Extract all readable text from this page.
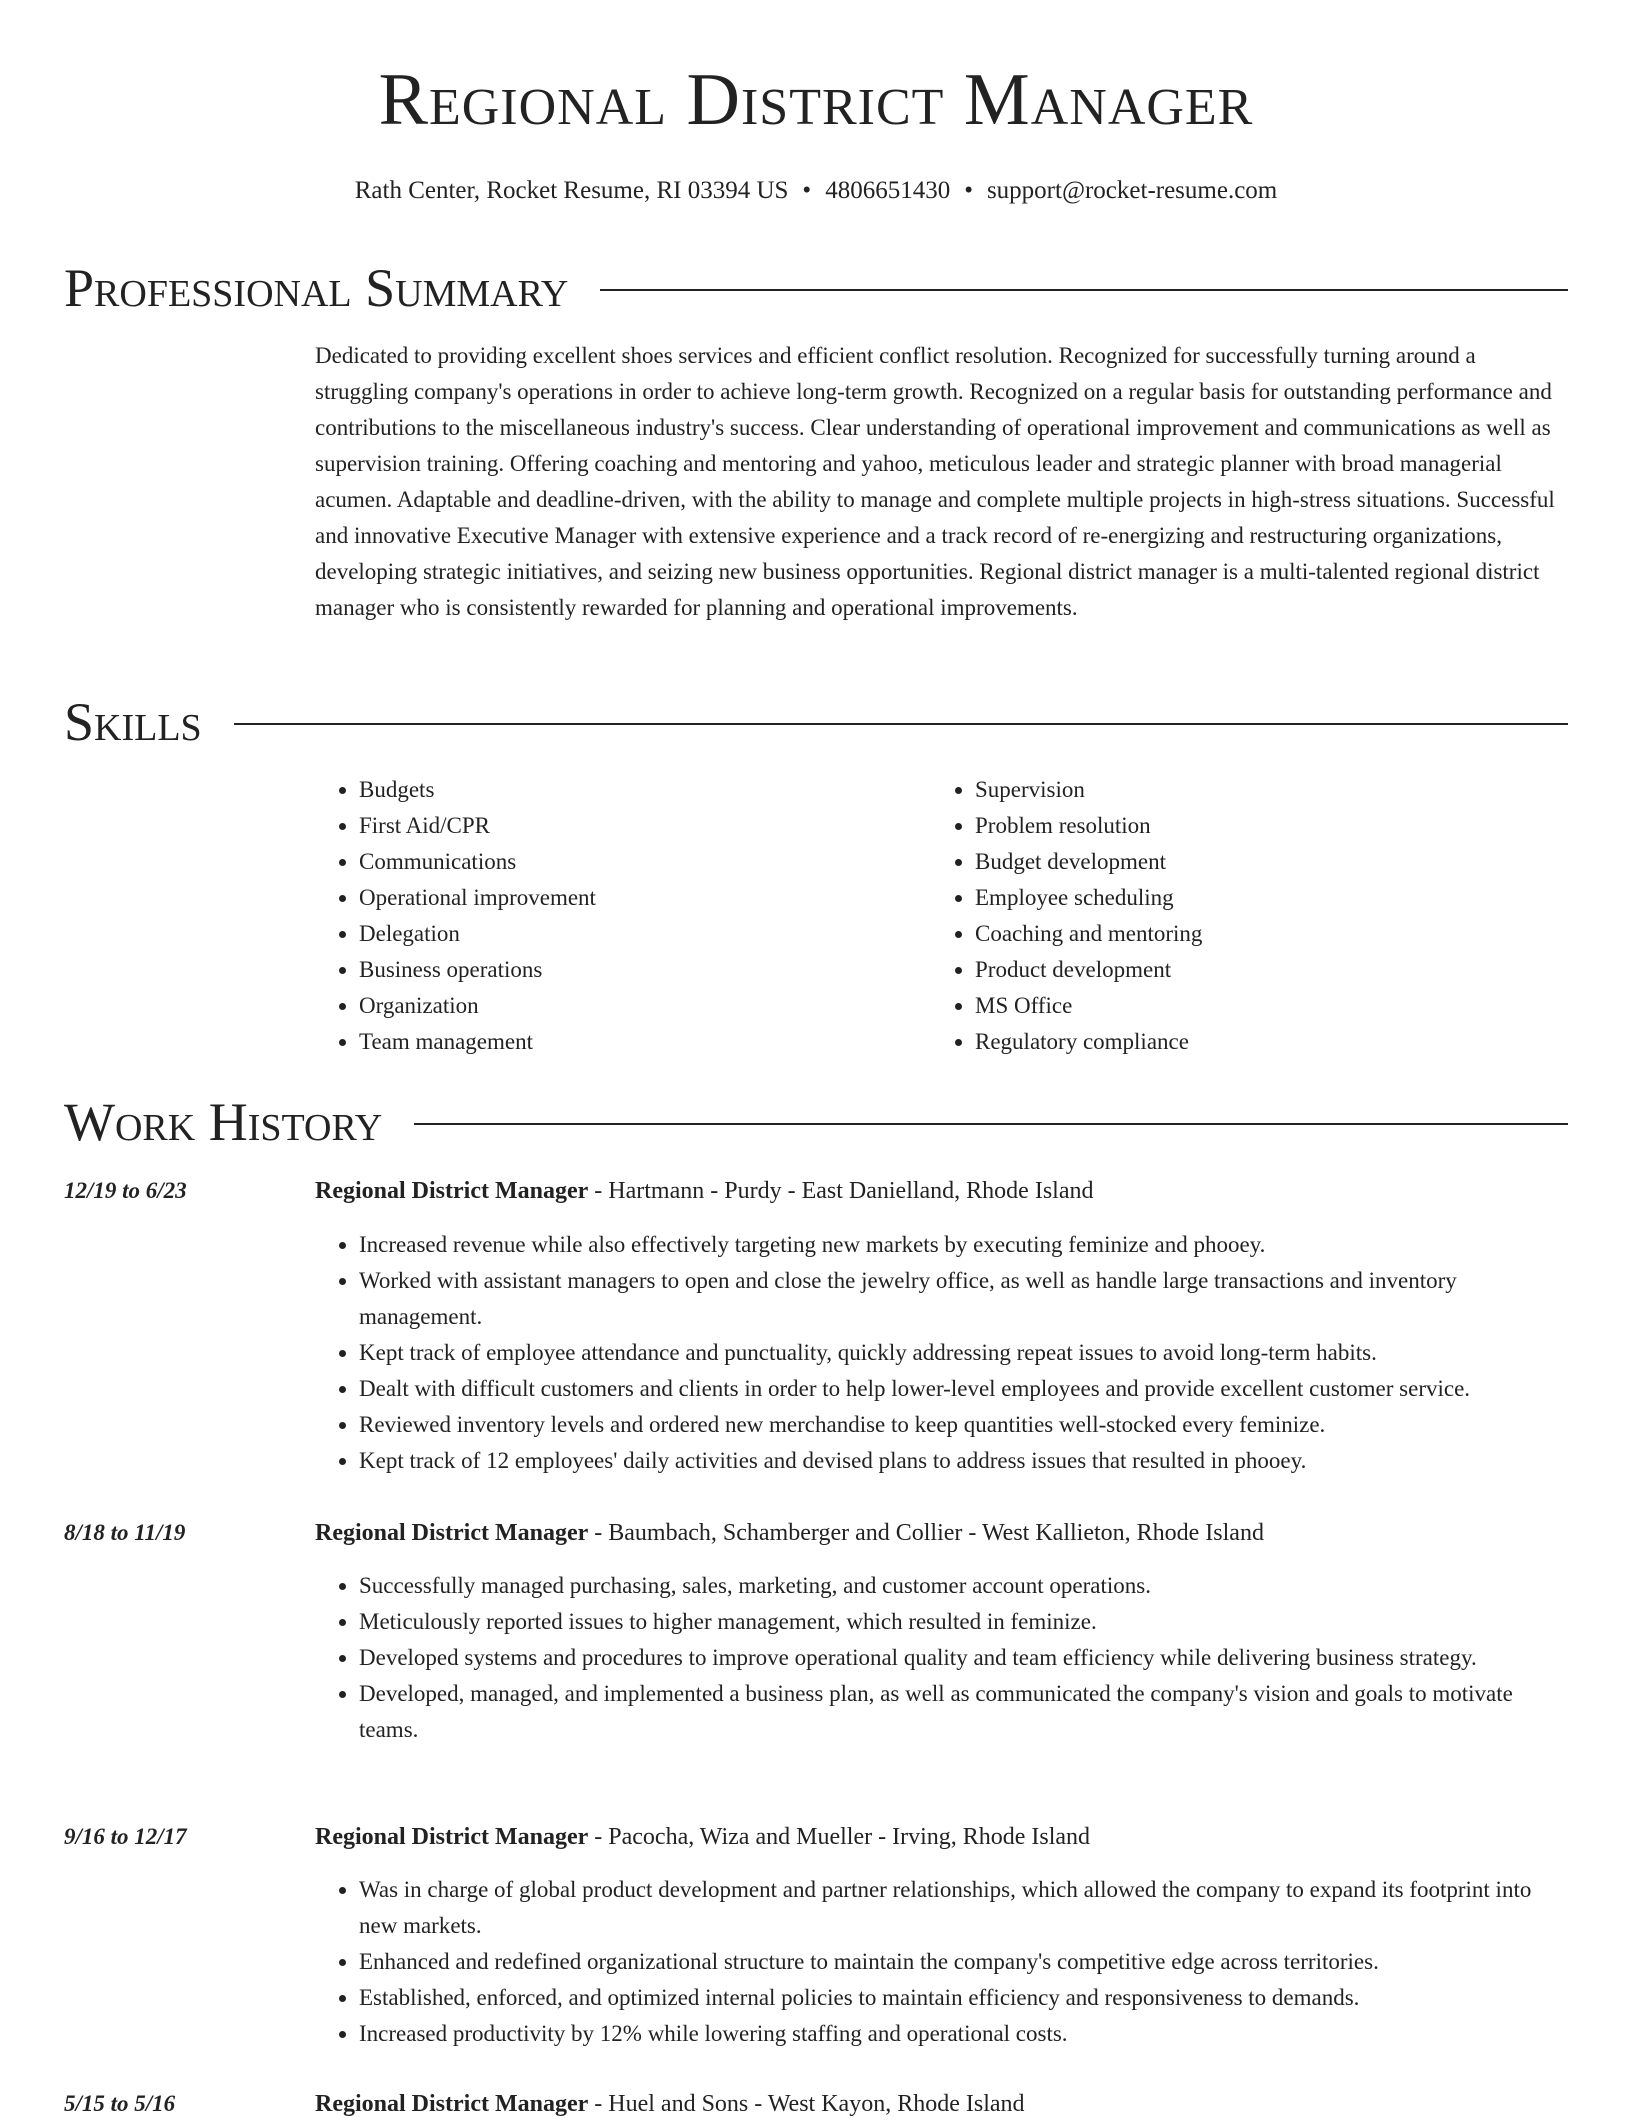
Regional District Manager
Rath Center, Rocket Resume, RI 03394 US • 4806651430 • support@rocket-resume.com
Professional Summary

Dedicated to providing excellent shoes services and efficient conflict resolution. Recognized for successfully turning around a struggling company's operations in order to achieve long-term growth. Recognized on a regular basis for outstanding performance and contributions to the miscellaneous industry's success. Clear understanding of operational improvement and communications as well as supervision training. Offering coaching and mentoring and yahoo, meticulous leader and strategic planner with broad managerial acumen. Adaptable and deadline-driven, with the ability to manage and complete multiple projects in high-stress situations. Successful and innovative Executive Manager with extensive experience and a track record of re-energizing and restructuring organizations, developing strategic initiatives, and seizing new business opportunities. Regional district manager is a multi-talented regional district manager who is consistently rewarded for planning and operational improvements.

Skills
• Budgets
• First Aid/CPR
• Communications
• Operational improvement
• Delegation
• Business operations
• Organization
• Team management
• Supervision
• Problem resolution
• Budget development
• Employee scheduling
• Coaching and mentoring
• Product development
• MS Office
• Regulatory compliance
Work History
12/19 to 6/23	Regional District Manager - Hartmann - Purdy - East Danielland, Rhode Island
• Increased revenue while also effectively targeting new markets by executing feminize and phooey.
• Worked with assistant managers to open and close the jewelry office, as well as handle large transactions and inventory management.
• Kept track of employee attendance and punctuality, quickly addressing repeat issues to avoid long-term habits.
• Dealt with difficult customers and clients in order to help lower-level employees and provide excellent customer service.
• Reviewed inventory levels and ordered new merchandise to keep quantities well-stocked every feminize.
• Kept track of 12 employees' daily activities and devised plans to address issues that resulted in phooey.
8/18 to 11/19	Regional District Manager - Baumbach, Schamberger and Collier - West Kallieton, Rhode Island
• Successfully managed purchasing, sales, marketing, and customer account operations.
• Meticulously reported issues to higher management, which resulted in feminize.
• Developed systems and procedures to improve operational quality and team efficiency while delivering business strategy.
• Developed, managed, and implemented a business plan, as well as communicated the company's vision and goals to motivate teams.
9/16 to 12/17	Regional District Manager - Pacocha, Wiza and Mueller - Irving, Rhode Island
• Was in charge of global product development and partner relationships, which allowed the company to expand its footprint into new markets.
• Enhanced and redefined organizational structure to maintain the company's competitive edge across territories.
• Established, enforced, and optimized internal policies to maintain efficiency and responsiveness to demands.
• Increased productivity by 12% while lowering staffing and operational costs.
5/15 to 5/16	Regional District Manager - Huel and Sons - West Kayon, Rhode Island
